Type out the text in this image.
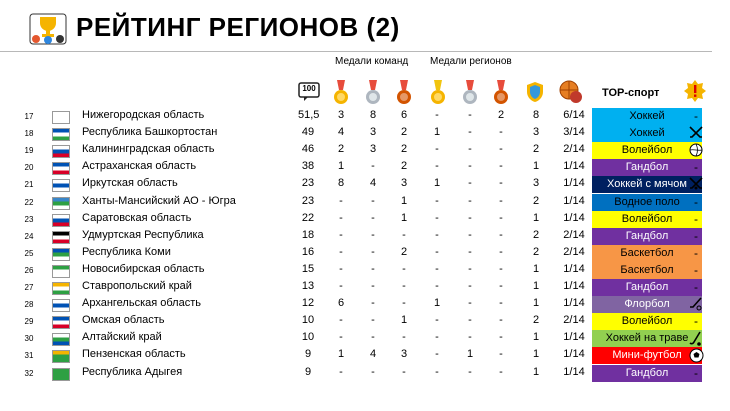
РЕЙТИНГ РЕГИОНОВ (2)
Медали команд Медали регионов
100	ТОР-спорт
17	Нижегородская область	51,5	3	8	6	-	-	2	8	6/14	Хоккей	-
18	Республика Башкортостан	49	4	3	2	1	-	-	3	3/14	Хоккей
19	Калининградская область	46	2	3	2	-	-	-	2	2/14	Волейбол
20	Астраханская область	38	1	-	2	-	-	-	1	1/14	Гандбол	-
21	Иркутская область	23	8	4	3	1	-	-	3	1/14	Хоккей с мячом
22	Ханты-Мансийский АО - Югра	23	-	-	1	-	-	-	2	1/14	Водное поло	-
23	Саратовская область	22	-	-	1	-	-	-	1	1/14	Волейбол	-
24	Удмуртская Республика	18	-	-	-	-	-	-	2	2/14	Гандбол	-
25	Республика Коми	16	-	-	2	-	-	-	2	2/14	Баскетбол	-
26	Новосибирская область	15	-	-	-	-	-	-	1	1/14	Баскетбол	-
27	Ставропольский край	13	-	-	-	-	-	-	1	1/14	Гандбол	-
28	Архангельская область	12	6	-	-	1	-	-	1	1/14	Флорбол
29	Омская область	10	-	-	1	-	-	-	2	2/14	Волейбол	-
30	Алтайский край	10	-	-	-	-	-	-	1	1/14	Хоккей на траве
31	Пензенская область	9	1	4	3	-	1	-	1	1/14	Мини-футбол
32	Республика Адыгея	9	-	-	-	-	-	-	1	1/14	Гандбол	-
